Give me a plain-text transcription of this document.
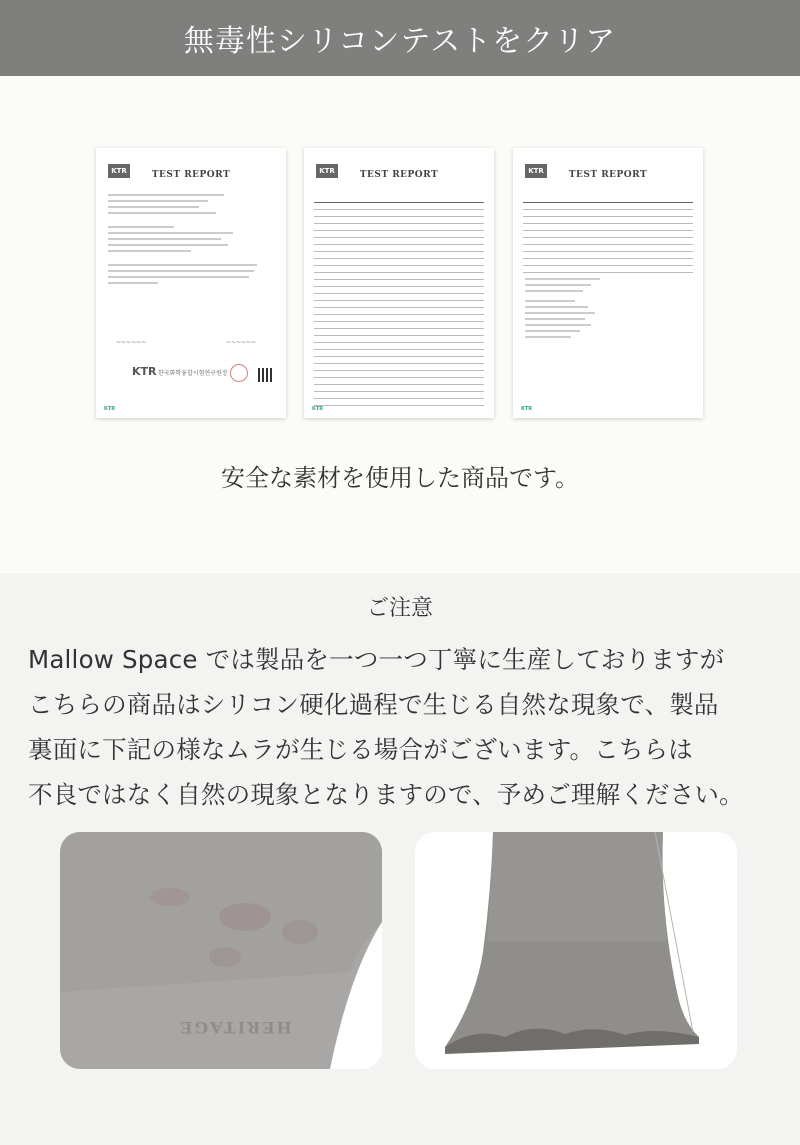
無毒性シリコンテストをクリア
KTR	TEST REPORT
~~~~~~	~~~~~~
KTR 한국화학융합시험연구원장
KTR
KTR	TEST REPORT
KTR
KTR	TEST REPORT
KTR
安全な素材を使用した商品です。
ご注意

Mallow Space では製品を一つ一つ丁寧に生産しておりますが

こちらの商品はシリコン硬化過程で生じる自然な現象で、製品

裏面に下記の様なムラが生じる場合がございます。こちらは

不良ではなく自然の現象となりますので、予めご理解ください。

HERITAGE
